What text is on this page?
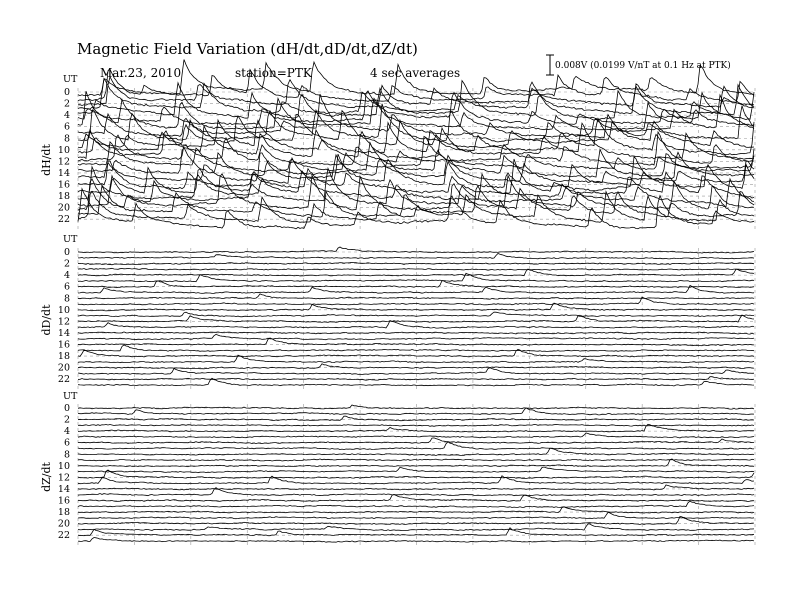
Magnetic Field Variation (dH/dt,dD/dt,dZ/dt)
Mar.23, 2010	station=PTK	4 sec averages	0.008V (0.0199 V/nT at 0.1 Hz at PTK)
UT
dH/dt
0
2
4
6
8
10
12
14
16
18
20
22
UT
dD/dt
0
2
4
6
8
10
12
14
16
18
20
22
UT
dZ/dt
0
2
4
6
8
10
12
14
16
18
20
22
